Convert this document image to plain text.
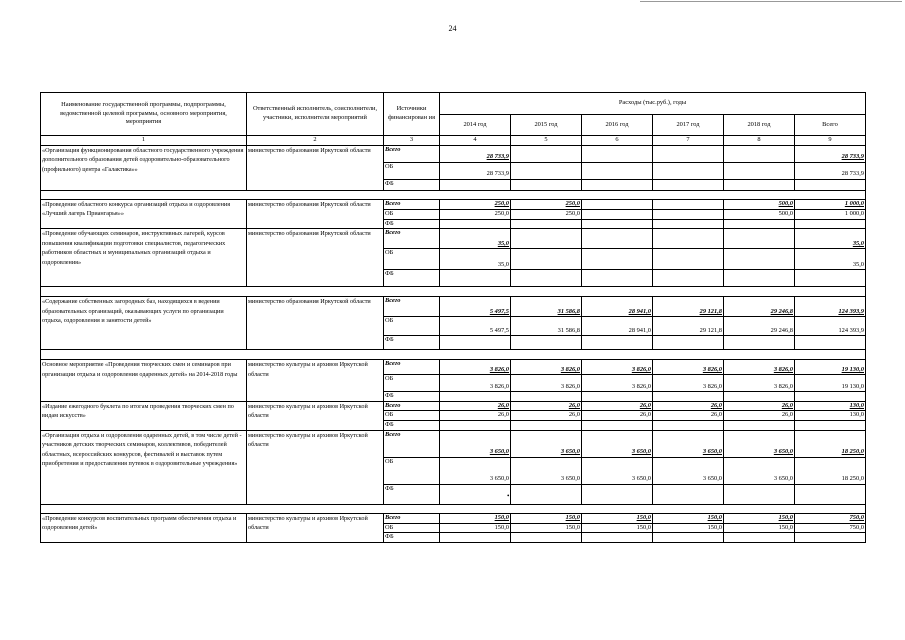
24
Наименование государственной программы, подпрограммы, ведомственной целевой программы, основного мероприятия, мероприятия	Ответственный исполнитель, соисполнители, участники, исполнители мероприятий	Источники финансирован ия	Расходы (тыс.руб.), годы					
			2014 год	2015 год	2016 год	2017 год	2018 год	Всего
1	2	3	4	5	6	7	8	9
«Организация функционирования областного государственного учреждения дополнительного образования детей оздоровительно-образовательного (профильного) центра «Галактика»»	министерство образования Иркутской области	Всего	28 733,9					28 733,9
		ОБ	28 733,9					28 733,9
		ФБ						

«Проведение областного конкурса организаций отдыха и оздоровления «Лучший лагерь Приангарья»»	министерство образования Иркутской области	Всего	250,0	250,0			500,0	1 000,0
		ОБ	250,0	250,0			500,0	1 000,0
		ФБ						
«Проведение обучающих семинаров, инструктивных лагерей, курсов повышения квалификации подготовки специалистов, педагогических работников областных и муниципальных организаций отдыха и оздоровления»	министерство образования Иркутской области	Всего	35,0					35,0
		ОБ	35,0					35,0
		ФБ						

«Содержание собственных загородных баз, находящихся в ведении образовательных организаций, оказывающих услуги по организации отдыха, оздоровления и занятости детей»	министерство образования Иркутской области	Всего	5 497,5	31 586,8	28 941,0	29 121,8	29 246,8	124 393,9
		ОБ	5 497,5	31 586,8	28 941,0	29 121,8	29 246,8	124 393,9
		ФБ						

Основное мероприятие «Проведения творческих смен и семинаров при организации отдыха и оздоровления одаренных детей» на 2014-2018 годы	министерство культуры и архивов Иркутской области	Всего	3 826,0	3 826,0	3 826,0	3 826,0	3 826,0	19 130,0
		ОБ	3 826,0	3 826,0	3 826,0	3 826,0	3 826,0	19 130,0
		ФБ						
«Издание ежегодного буклета по итогам проведения творческих смен по видам искусств»	министерство культуры и архивов Иркутской области	Всего	26,0	26,0	26,0	26,0	26,0	130,0
		ОБ	26,0	26,0	26,0	26,0	26,0	130,0
		ФБ						
«Организация отдыха и оздоровления одаренных детей, в том числе детей - участников детских творческих семинаров, коллективов, победителей областных, всероссийских конкурсов, фестивалей и выставок путем приобретения и предоставления путевок в оздоровительные учреждения»	министерство культуры и архивов Иркутской области	Всего	3 650,0	3 650,0	3 650,0	3 650,0	3 650,0	18 250,0
		ОБ	3 650,0	3 650,0	3 650,0	3 650,0	3 650,0	18 250,0
		ФБ						

«Проведение конкурсов воспитательных программ обеспечения отдыха и оздоровления детей»	министерство культуры и архивов Иркутской области	Всего	150,0	150,0	150,0	150,0	150,0	750,0
		ОБ	150,0	150,0	150,0	150,0	150,0	750,0
		ФБ						
•
